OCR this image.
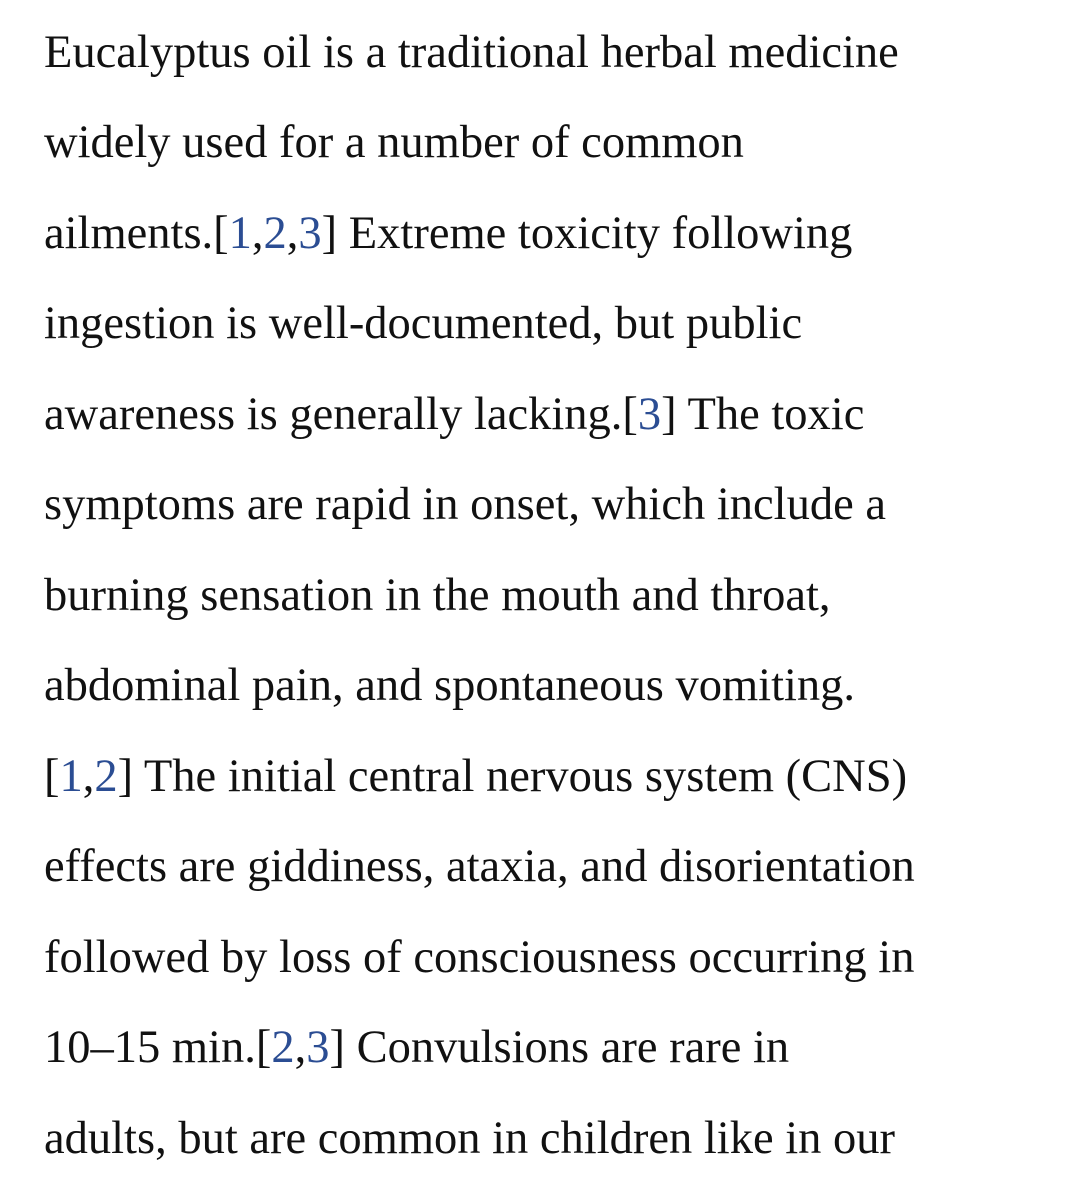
Eucalyptus oil is a traditional herbal medicine
widely used for a number of common
ailments.[1,2,3] Extreme toxicity following
ingestion is well-documented, but public
awareness is generally lacking.[3] The toxic
symptoms are rapid in onset, which include a
burning sensation in the mouth and throat,
abdominal pain, and spontaneous vomiting.
[1,2] The initial central nervous system (CNS)
effects are giddiness, ataxia, and disorientation
followed by loss of consciousness occurring in
10–15 min.[2,3] Convulsions are rare in
adults, but are common in children like in our
